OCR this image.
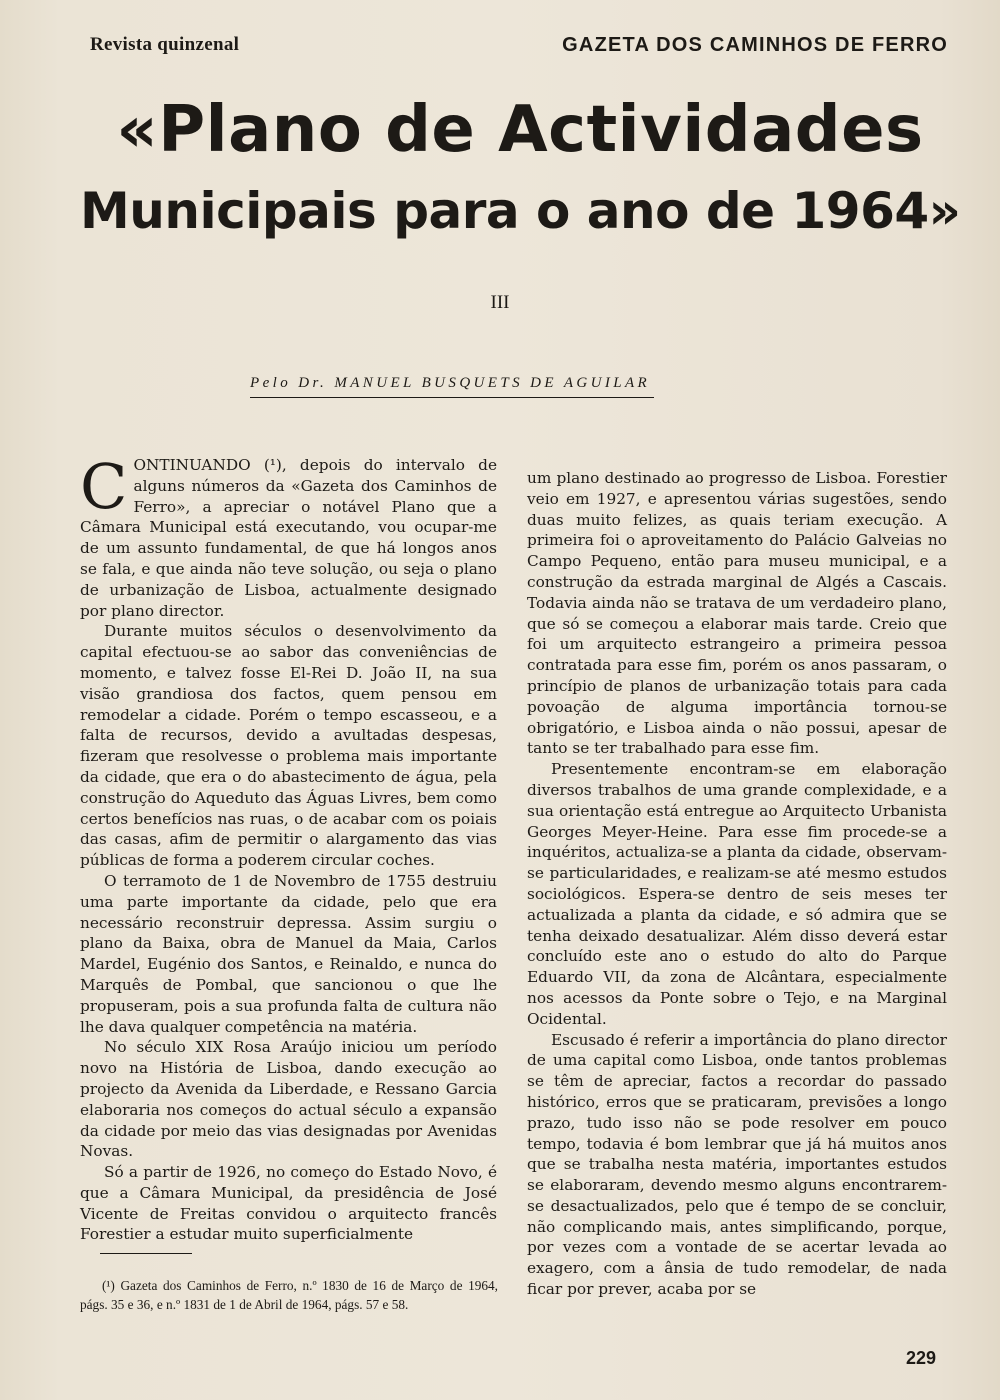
Revista quinzenal	GAZETA DOS CAMINHOS DE FERRO
«Plano de Actividades
Municipais para o ano de 1964»
III
Pelo Dr. MANUEL BUSQUETS DE AGUILAR

CONTINUANDO (¹), depois do intervalo de alguns números da «Gazeta dos Caminhos de Ferro», a apreciar o notável Plano que a Câmara Municipal está executando, vou ocupar-me de um assunto fundamental, de que há longos anos se fala, e que ainda não teve solução, ou seja o plano de urbanização de Lisboa, actualmente designado por plano director.

Durante muitos séculos o desenvolvimento da capital efectuou-se ao sabor das conveniências de momento, e talvez fosse El-Rei D. João II, na sua visão grandiosa dos factos, quem pensou em remodelar a cidade. Porém o tempo escasseou, e a falta de recursos, devido a avultadas despesas, fizeram que resolvesse o problema mais importante da cidade, que era o do abastecimento de água, pela construção do Aqueduto das Águas Livres, bem como certos benefícios nas ruas, o de acabar com os poiais das casas, afim de permitir o alargamento das vias públicas de forma a poderem circular coches.

O terramoto de 1 de Novembro de 1755 destruiu uma parte importante da cidade, pelo que era necessário reconstruir depressa. Assim surgiu o plano da Baixa, obra de Manuel da Maia, Carlos Mardel, Eugénio dos Santos, e Reinaldo, e nunca do Marquês de Pombal, que sancionou o que lhe propuseram, pois a sua profunda falta de cultura não lhe dava qualquer competência na matéria.

No século XIX Rosa Araújo iniciou um período novo na História de Lisboa, dando execução ao projecto da Avenida da Liberdade, e Ressano Garcia elaboraria nos começos do actual século a expansão da cidade por meio das vias designadas por Avenidas Novas.

Só a partir de 1926, no começo do Estado Novo, é que a Câmara Municipal, da presidência de José Vicente de Freitas convidou o arquitecto francês Forestier a estudar muito superficialmente

um plano destinado ao progresso de Lisboa. Forestier veio em 1927, e apresentou várias sugestões, sendo duas muito felizes, as quais teriam execução. A primeira foi o aproveitamento do Palácio Galveias no Campo Pequeno, então para museu municipal, e a construção da estrada marginal de Algés a Cascais. Todavia ainda não se tratava de um verdadeiro plano, que só se começou a elaborar mais tarde. Creio que foi um arquitecto estrangeiro a primeira pessoa contratada para esse fim, porém os anos passaram, o princípio de planos de urbanização totais para cada povoação de alguma importância tornou-se obrigatório, e Lisboa ainda o não possui, apesar de tanto se ter trabalhado para esse fim.

Presentemente encontram-se em elaboração diversos trabalhos de uma grande complexidade, e a sua orientação está entregue ao Arquitecto Urbanista Georges Meyer-Heine. Para esse fim procede-se a inquéritos, actualiza-se a planta da cidade, observam-se particularidades, e realizam-se até mesmo estudos sociológicos. Espera-se dentro de seis meses ter actualizada a planta da cidade, e só admira que se tenha deixado desatualizar. Além disso deverá estar concluído este ano o estudo do alto do Parque Eduardo VII, da zona de Alcântara, especialmente nos acessos da Ponte sobre o Tejo, e na Marginal Ocidental.

Escusado é referir a importância do plano director de uma capital como Lisboa, onde tantos problemas se têm de apreciar, factos a recordar do passado histórico, erros que se praticaram, previsões a longo prazo, tudo isso não se pode resolver em pouco tempo, todavia é bom lembrar que já há muitos anos que se trabalha nesta matéria, importantes estudos se elaboraram, devendo mesmo alguns encontrarem-se desactualizados, pelo que é tempo de se concluir, não complicando mais, antes simplificando, porque, por vezes com a vontade de se acertar levada ao exagero, com a ânsia de tudo remodelar, de nada ficar por prever, acaba por se

(¹) Gazeta dos Caminhos de Ferro, n.º 1830 de 16 de Março de 1964, págs. 35 e 36, e n.º 1831 de 1 de Abril de 1964, págs. 57 e 58.
229
